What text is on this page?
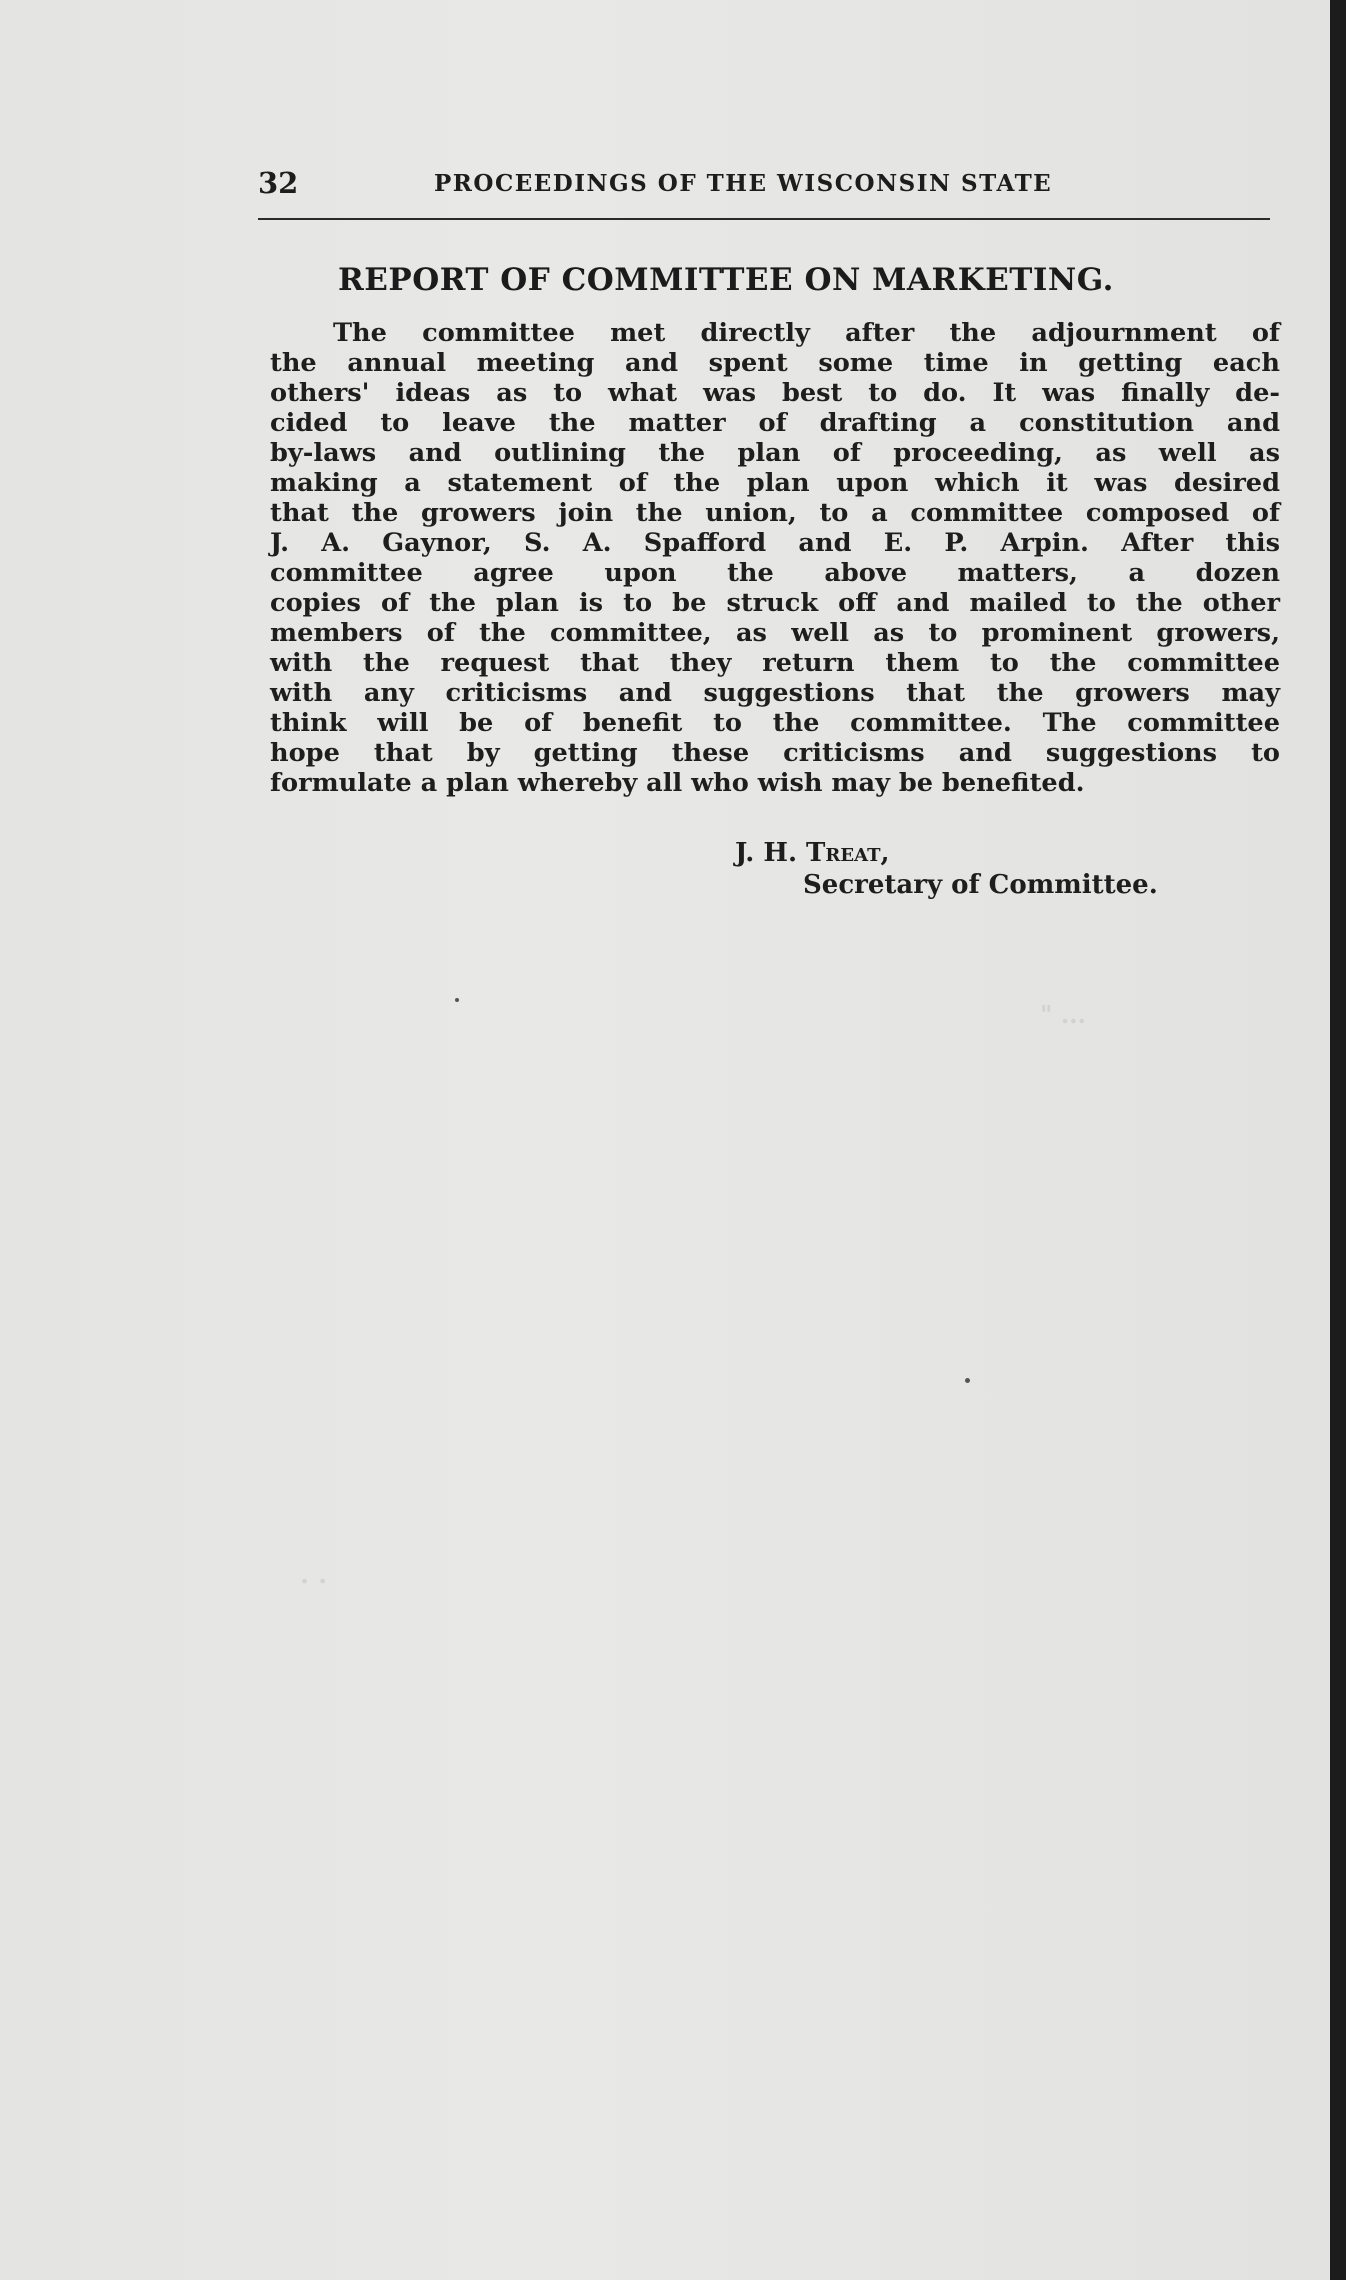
" ...
. .
32	PROCEEDINGS OF THE WISCONSIN STATE
REPORT OF COMMITTEE ON MARKETING.
The committee met directly after the adjournment of
the annual meeting and spent some time in getting each
others' ideas as to what was best to do. It was finally de-
cided to leave the matter of drafting a constitution and
by-laws and outlining the plan of proceeding, as well as
making a statement of the plan upon which it was desired
that the growers join the union, to a committee composed of
J. A. Gaynor, S. A. Spafford and E. P. Arpin. After this
committee agree upon the above matters, a dozen
copies of the plan is to be struck off and mailed to the other
members of the committee, as well as to prominent growers,
with the request that they return them to the committee
with any criticisms and suggestions that the growers may
think will be of benefit to the committee. The committee
hope that by getting these criticisms and suggestions to
formulate a plan whereby all who wish may be benefited.
J. H. Treat,
Secretary of Committee.
